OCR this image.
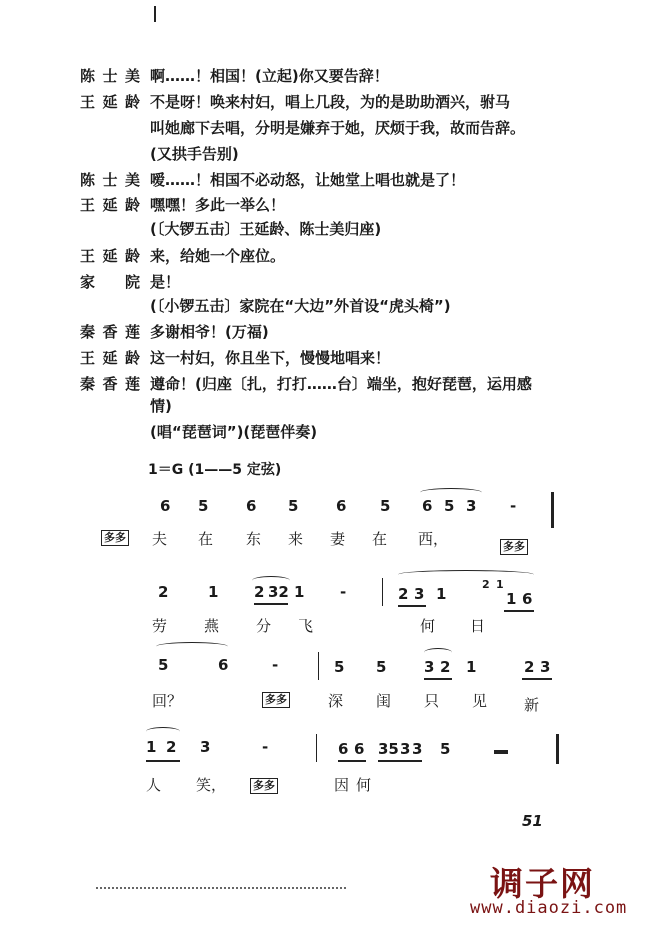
陈士美 啊……！相国！(立起)你又要告辞！
王延龄 不是呀！唤来村妇，唱上几段，为的是助助酒兴，驸马
叫她廊下去唱，分明是嫌弃于她，厌烦于我，故而告辞。
(又拱手告别)
陈士美 嗳……！相国不必动怒，让她堂上唱也就是了！
王延龄 嘿嘿！多此一举么！
(〔大锣五击〕王延龄、陈士美归座)
王延龄 来，给她一个座位。
家院 是！
(〔小锣五击〕家院在“大边”外首设“虎头椅”)
秦香莲 多谢相爷！(万福)
王延龄 这一村妇，你且坐下，慢慢地唱来！
秦香莲 遵命！(归座〔扎，打打……台〕端坐，抱好琵琶，运用感
情)
(唱“琵琶词”)(琵琶伴奏)
1＝G (1——5 定弦)
6 5	6 5	6 5 6 5 3 -
多多 夫 在 东 来 妻 在 西，	多多
2	1 2 32 1 -	2 3 1
2 1
1 6
劳 燕 分 飞	何 日
5	6	-	5 5	3 2 1	2 3
回？	多多	深 闺 只 见 新
1 2 3	-	6 6 35 3 3 5
人 笑， 多多	因 何
51
调子网
www.diaozi.com
